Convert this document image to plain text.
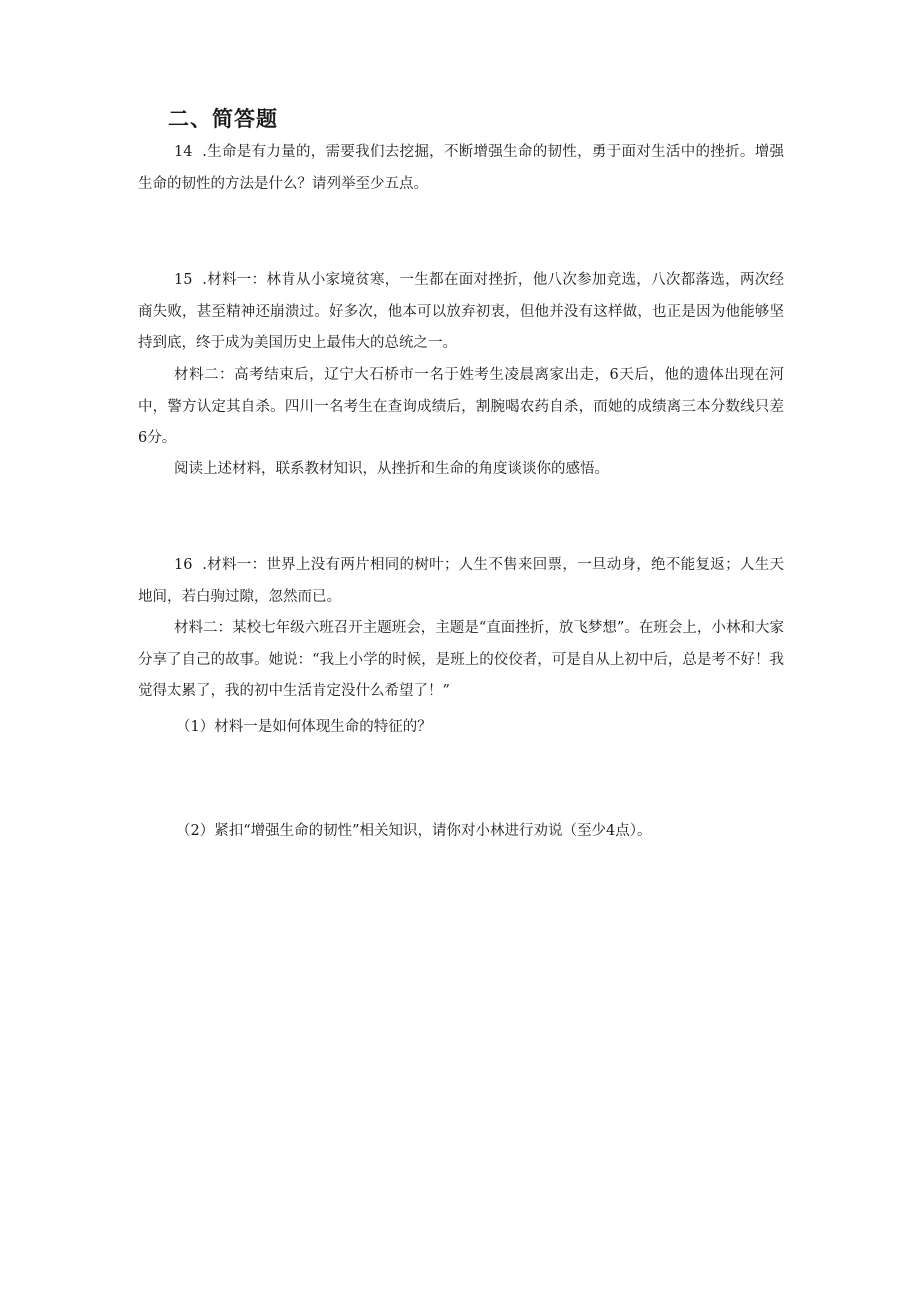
二、简答题
14  .生命是有力量的，需要我们去挖掘，不断增强生命的韧性，勇于面对生活中的挫折。增强生命的韧性的方法是什么？请列举至少五点。
15  .材料一：林肯从小家境贫寒，一生都在面对挫折，他八次参加竞选，八次都落选，两次经商失败，甚至精神还崩溃过。好多次，他本可以放弃初衷，但他并没有这样做，也正是因为他能够坚持到底，终于成为美国历史上最伟大的总统之一。
材料二：高考结束后，辽宁大石桥市一名于姓考生凌晨离家出走，6天后，他的遗体出现在河中，警方认定其自杀。四川一名考生在查询成绩后，割腕喝农药自杀，而她的成绩离三本分数线只差6分。
阅读上述材料，联系教材知识，从挫折和生命的角度谈谈你的感悟。
16  .材料一：世界上没有两片相同的树叶；人生不售来回票，一旦动身，绝不能复返；人生天地间，若白驹过隙，忽然而已。
材料二：某校七年级六班召开主题班会，主题是“直面挫折，放飞梦想”。在班会上，小林和大家分享了自己的故事。她说：“我上小学的时候，是班上的佼佼者，可是自从上初中后，总是考不好！我觉得太累了，我的初中生活肯定没什么希望了！”
（1）材料一是如何体现生命的特征的？
（2）紧扣“增强生命的韧性”相关知识，请你对小林进行劝说（至少4点）。
